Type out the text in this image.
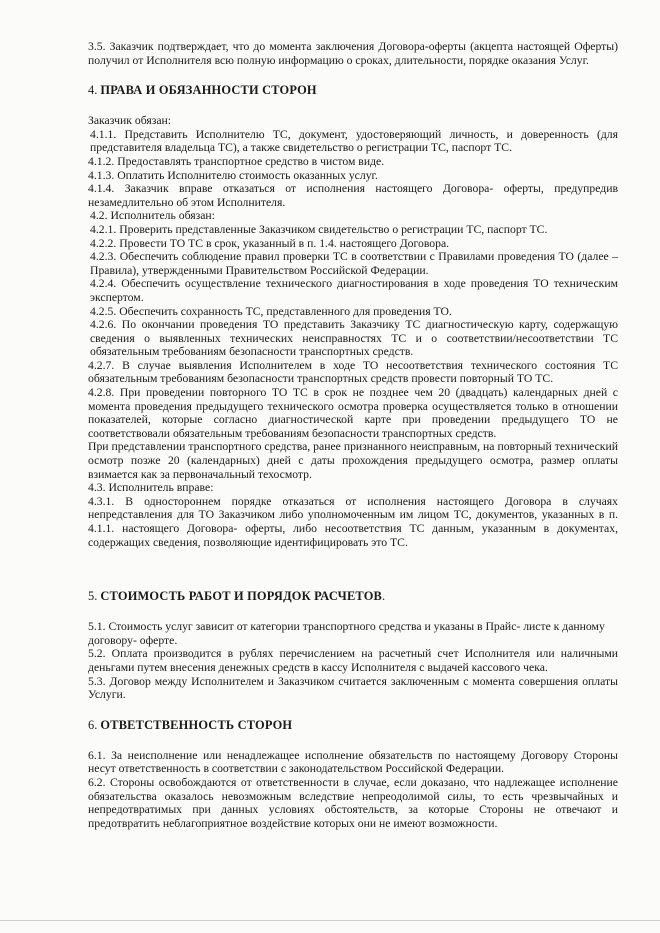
3.5. Заказчик подтверждает, что до момента заключения Договора-оферты (акцепта настоящей Оферты) получил от Исполнителя всю полную информацию о сроках, длительности, порядке оказания Услуг.

4. ПРАВА И ОБЯЗАННОСТИ СТОРОН

Заказчик обязан:

4.1.1. Представить Исполнителю ТС, документ, удостоверяющий личность, и доверенность (для представителя владельца ТС), а также свидетельство о регистрации ТС, паспорт ТС.

4.1.2. Предоставлять транспортное средство в чистом виде.

4.1.3. Оплатить Исполнителю стоимость оказанных услуг.

4.1.4. Заказчик вправе отказаться от исполнения настоящего Договора- оферты, предупредив незамедлительно об этом Исполнителя.

4.2. Исполнитель обязан:

4.2.1. Проверить представленные Заказчиком свидетельство о регистрации ТС, паспорт ТС.

4.2.2. Провести ТО ТС в срок, указанный в п. 1.4. настоящего Договора.

4.2.3. Обеспечить соблюдение правил проверки ТС в соответствии с Правилами проведения ТО (далее – Правила), утвержденными Правительством Российской Федерации.

4.2.4. Обеспечить осуществление технического диагностирования в ходе проведения ТО техническим экспертом.

4.2.5. Обеспечить сохранность ТС, представленного для проведения ТО.

4.2.6. По окончании проведения ТО представить Заказчику ТС диагностическую карту, содержащую сведения о выявленных технических неисправностях ТС и о соответствии/несоответствии ТС обязательным требованиям безопасности транспортных средств.

4.2.7. В случае выявления Исполнителем в ходе ТО несоответствия технического состояния ТС обязательным требованиям безопасности транспортных средств провести повторный ТО ТС.

4.2.8. При проведении повторного ТО ТС в срок не позднее чем 20 (двадцать) календарных дней с момента проведения предыдущего технического осмотра проверка осуществляется только в отношении показателей, которые согласно диагностической карте при проведении предыдущего ТО не соответствовали обязательным требованиям безопасности транспортных средств.

При представлении транспортного средства, ранее признанного неисправным, на повторный технический осмотр позже 20 (календарных) дней с даты прохождения предыдущего осмотра, размер оплаты взимается как за первоначальный техосмотр.

4.3. Исполнитель вправе:

4.3.1. В одностороннем порядке отказаться от исполнения настоящего Договора в случаях непредставления для ТО Заказчиком либо уполномоченным им лицом ТС, документов, указанных в п. 4.1.1. настоящего Договора- оферты, либо несоответствия ТС данным, указанным в документах, содержащих сведения, позволяющие идентифицировать это ТС.

5. СТОИМОСТЬ РАБОТ И ПОРЯДОК РАСЧЕТОВ.

5.1. Стоимость услуг зависит от категории транспортного средства и указаны в Прайс- листе к данному договору- оферте.

5.2. Оплата производится в рублях перечислением на расчетный счет Исполнителя или наличными деньгами путем внесения денежных средств в кассу Исполнителя с выдачей кассового чека.

5.3. Договор между Исполнителем и Заказчиком считается заключенным с момента совершения оплаты Услуги.

6. ОТВЕТСТВЕННОСТЬ СТОРОН

6.1. За неисполнение или ненадлежащее исполнение обязательств по настоящему Договору Стороны несут ответственность в соответствии с законодательством Российской Федерации.

6.2. Стороны освобождаются от ответственности в случае, если доказано, что надлежащее исполнение обязательства оказалось невозможным вследствие непреодолимой силы, то есть чрезвычайных и непредотвратимых при данных условиях обстоятельств, за которые Стороны не отвечают и предотвратить неблагоприятное воздействие которых они не имеют возможности.
